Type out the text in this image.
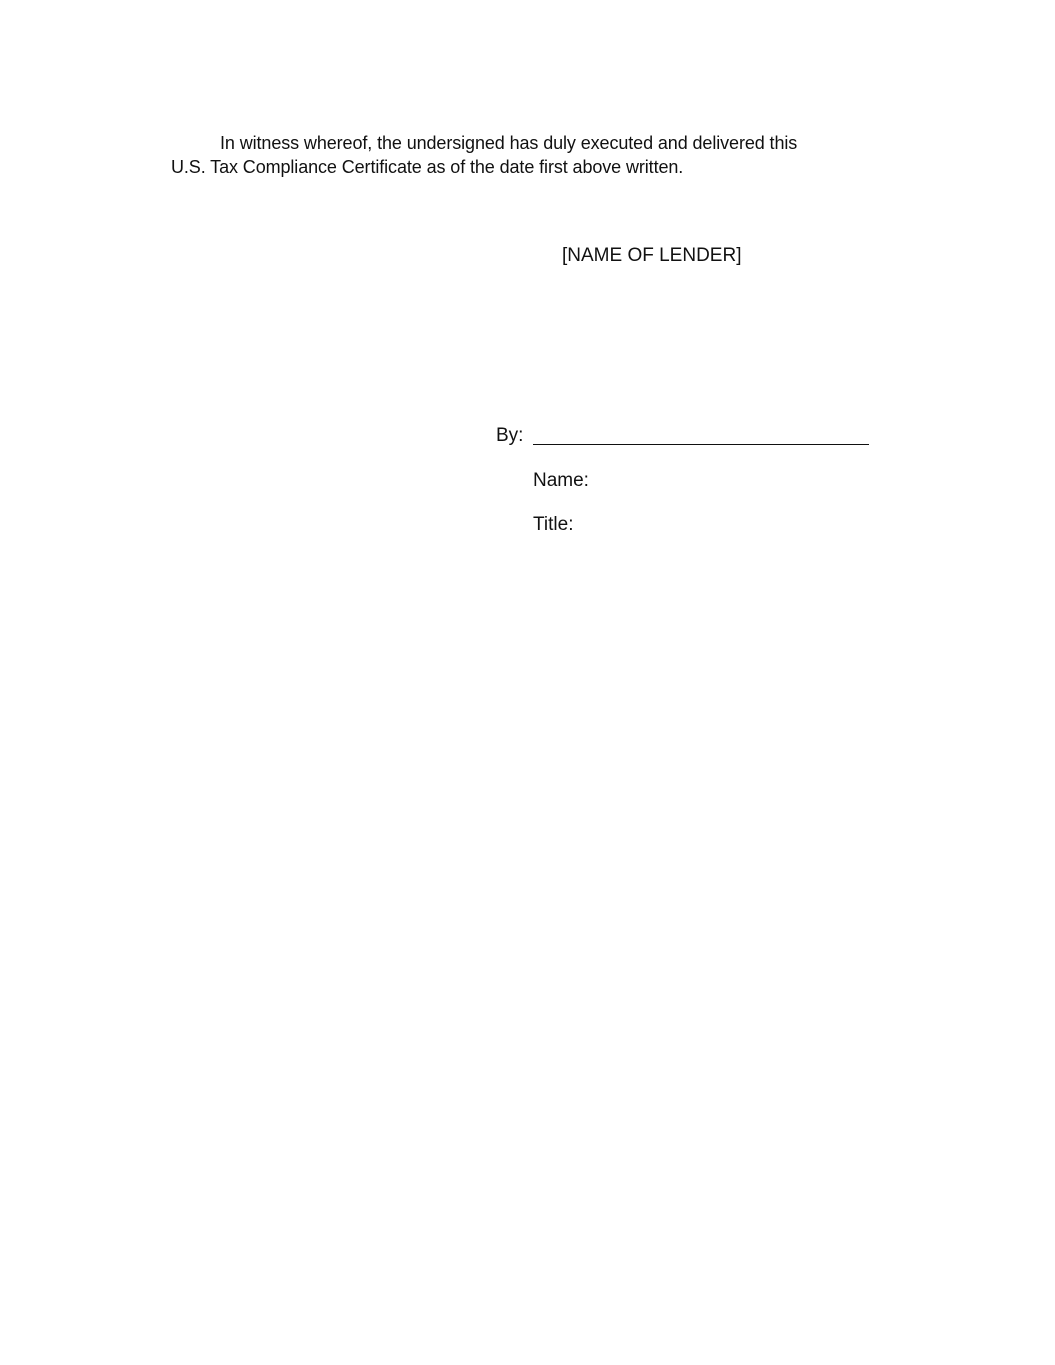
In witness whereof, the undersigned has duly executed and delivered this
U.S. Tax Compliance Certificate as of the date first above written.
[NAME OF LENDER]
By:
Name:
Title:
